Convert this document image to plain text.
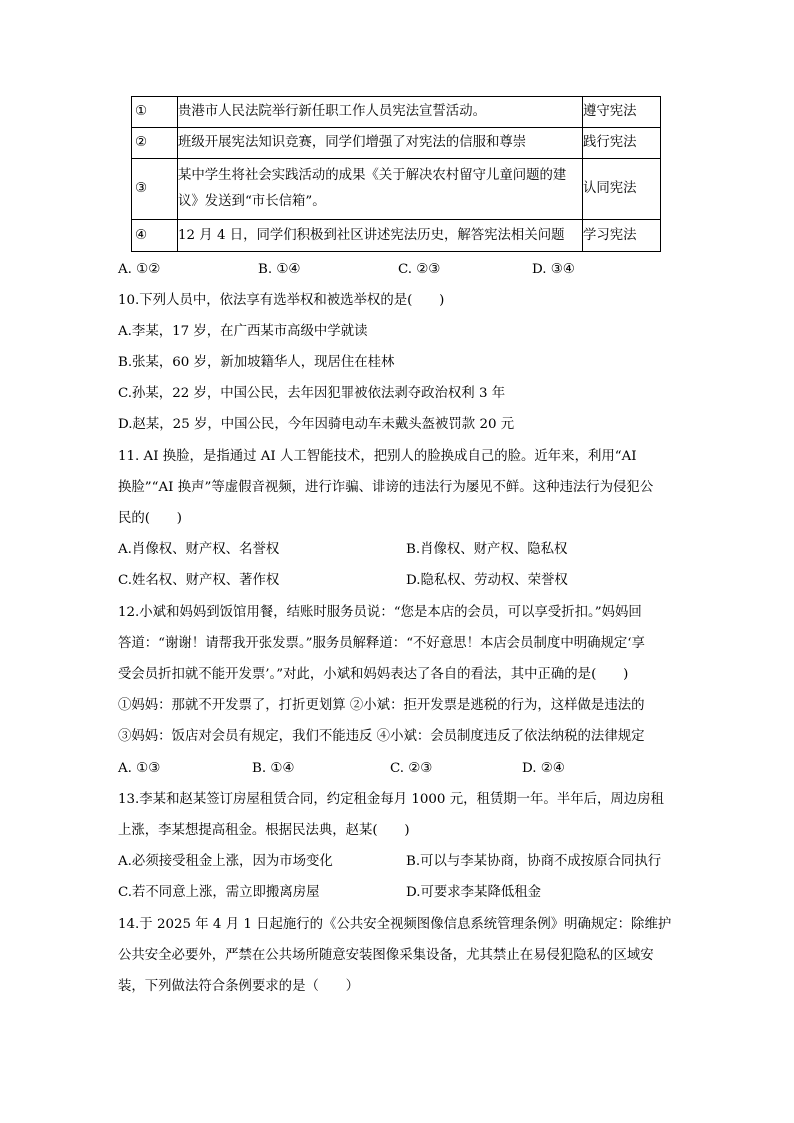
①	贵港市人民法院举行新任职工作人员宪法宣誓活动。	遵守宪法
②	班级开展宪法知识竞赛，同学们增强了对宪法的信服和尊崇	践行宪法
③	某中学生将社会实践活动的成果《关于解决农村留守儿童问题的建议》发送到“市长信箱”。	认同宪法
④	12 月 4 日，同学们积极到社区讲述宪法历史，解答宪法相关问题	学习宪法
A. ①②	B. ①④	C. ②③	D. ③④
10.下列人员中，依法享有选举权和被选举权的是(　　)
A.李某，17 岁，在广西某市高级中学就读
B.张某，60 岁，新加坡籍华人，现居住在桂林
C.孙某，22 岁，中国公民，去年因犯罪被依法剥夺政治权利 3 年
D.赵某，25 岁，中国公民，今年因骑电动车未戴头盔被罚款 20 元
11. AI 换脸，是指通过 AI 人工智能技术，把别人的脸换成自己的脸。近年来，利用“AI
换脸”“AI 换声”等虚假音视频，进行诈骗、诽谤的违法行为屡见不鲜。这种违法行为侵犯公
民的(　　)
A.肖像权、财产权、名誉权	B.肖像权、财产权、隐私权
C.姓名权、财产权、著作权	D.隐私权、劳动权、荣誉权
12.小斌和妈妈到饭馆用餐，结账时服务员说：“您是本店的会员，可以享受折扣。”妈妈回
答道：“谢谢！请帮我开张发票。”服务员解释道：“不好意思！本店会员制度中明确规定‘享
受会员折扣就不能开发票’。”对此，小斌和妈妈表达了各自的看法，其中正确的是(　　)
①妈妈：那就不开发票了，打折更划算 ②小斌：拒开发票是逃税的行为，这样做是违法的
③妈妈：饭店对会员有规定，我们不能违反 ④小斌：会员制度违反了依法纳税的法律规定
A. ①③	B. ①④	C. ②③	D. ②④
13.李某和赵某签订房屋租赁合同，约定租金每月 1000 元，租赁期一年。半年后，周边房租
上涨，李某想提高租金。根据民法典，赵某(　　)
A.必须接受租金上涨，因为市场变化	B.可以与李某协商，协商不成按原合同执行
C.若不同意上涨，需立即搬离房屋	D.可要求李某降低租金
14.于 2025 年 4 月 1 日起施行的《公共安全视频图像信息系统管理条例》明确规定：除维护
公共安全必要外，严禁在公共场所随意安装图像采集设备，尤其禁止在易侵犯隐私的区域安
装，下列做法符合条例要求的是（　　）
